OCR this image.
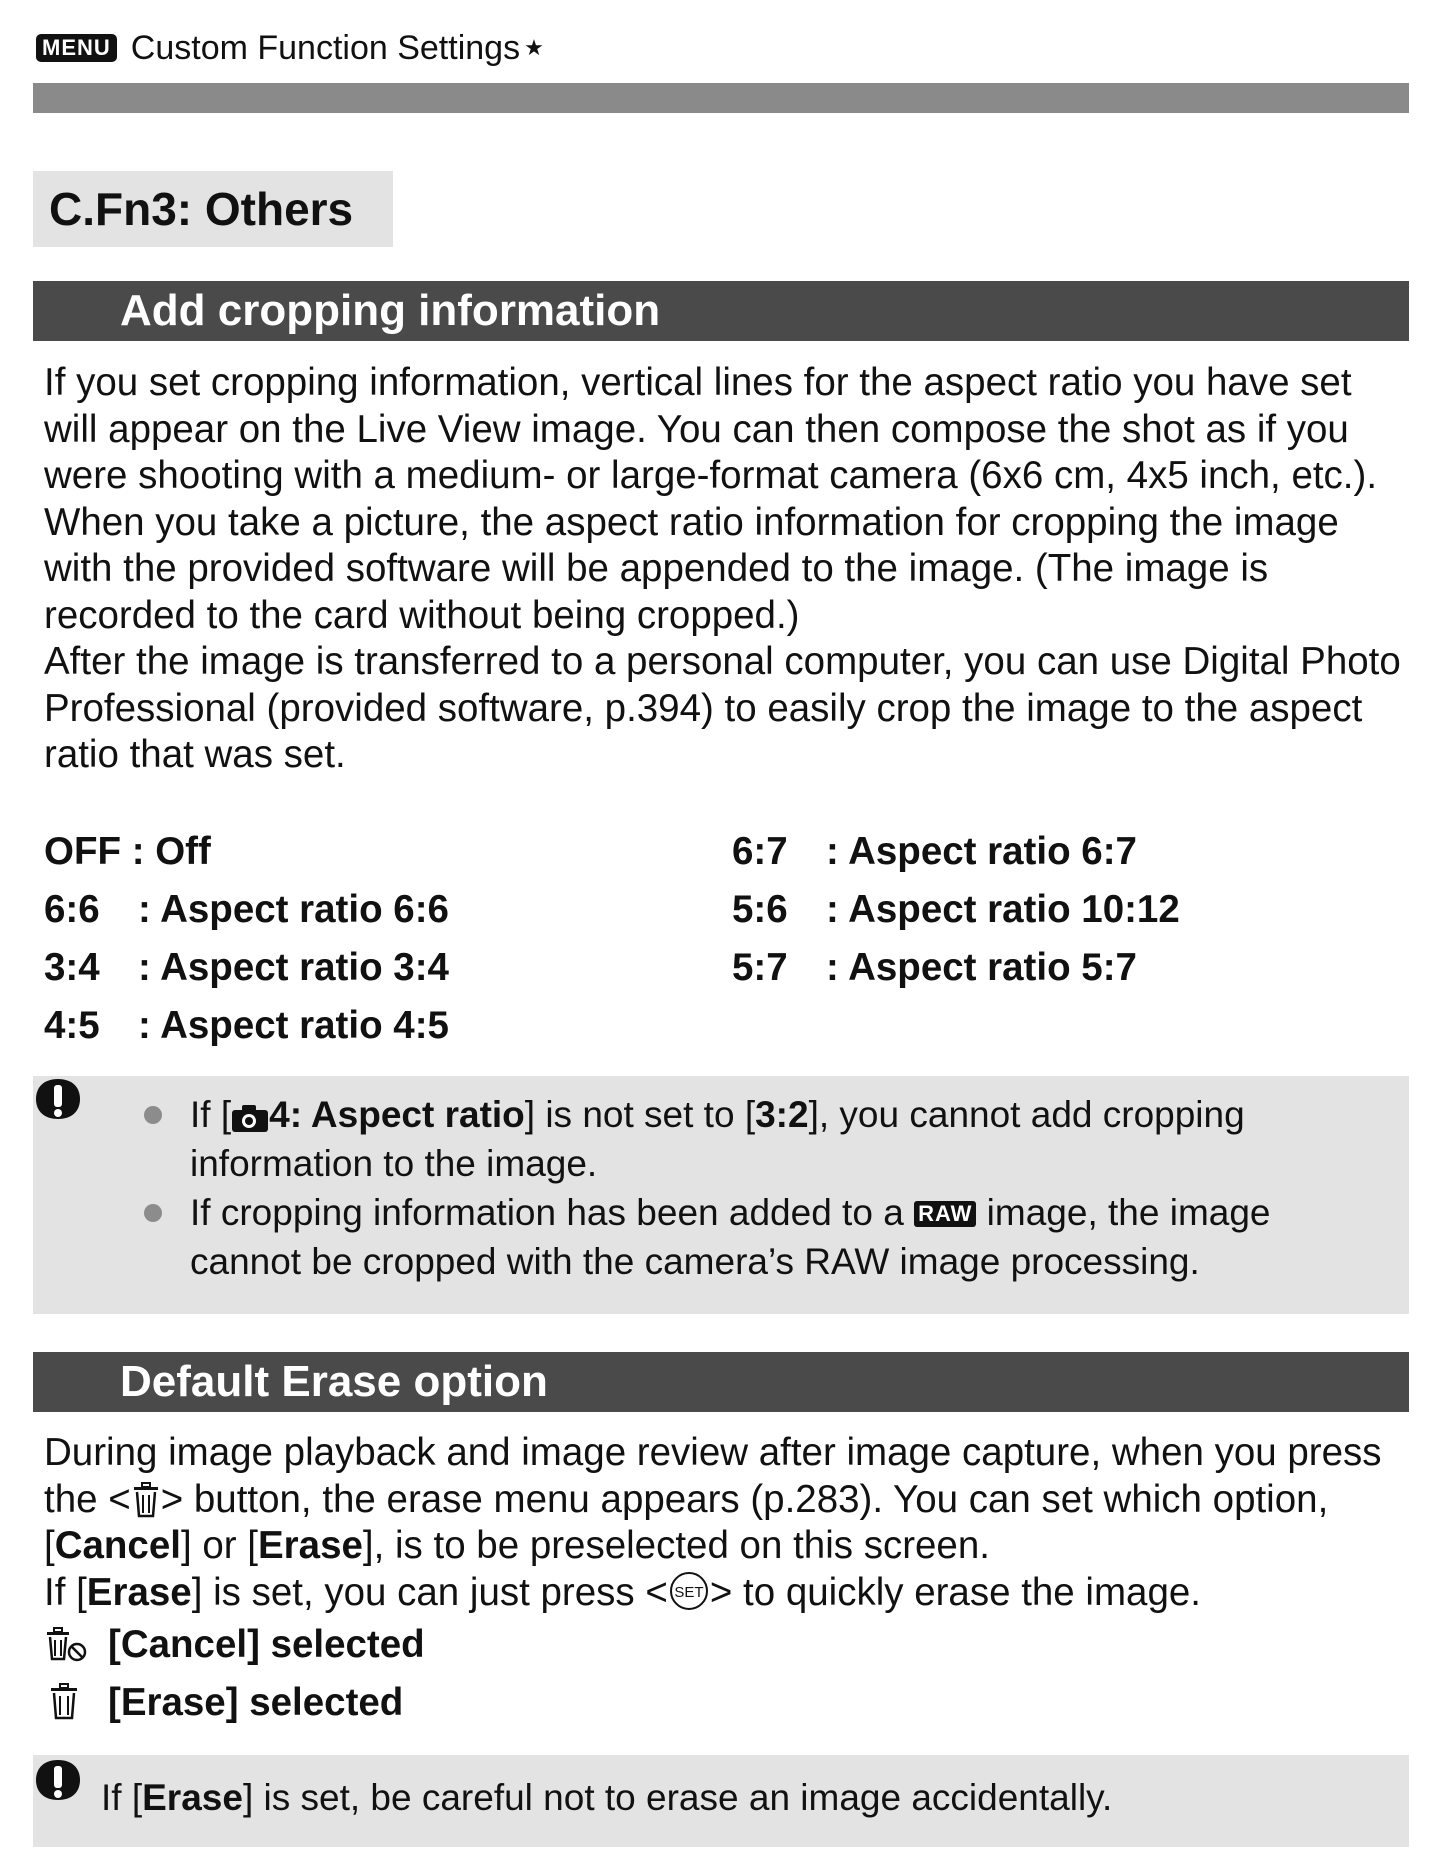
MENU Custom Function Settings ★
C.Fn3: Others
Add cropping information

If you set cropping information, vertical lines for the aspect ratio you have set will appear on the Live View image. You can then compose the shot as if you were shooting with a medium- or large-format camera (6x6 cm, 4x5 inch, etc.).

When you take a picture, the aspect ratio information for cropping the image with the provided software will be appended to the image. (The image is recorded to the card without being cropped.)

After the image is transferred to a personal computer, you can use Digital Photo Professional (provided software, p.394) to easily crop the image to the aspect ratio that was set.

OFF : Off
6:6 : Aspect ratio 6:6
3:4 : Aspect ratio 3:4
4:5 : Aspect ratio 4:5
6:7 : Aspect ratio 6:7
5:6 : Aspect ratio 10:12
5:7 : Aspect ratio 5:7
If [ 4: Aspect ratio] is not set to [3:2], you cannot add cropping information to the image.
If cropping information has been added to a RAW image, the image cannot be cropped with the camera’s RAW image processing.
Default Erase option

During image playback and image review after image capture, when you press the < > button, the erase menu appears (p.283). You can set which option, [Cancel] or [Erase], is to be preselected on this screen.

If [Erase] is set, you can just press < SET > to quickly erase the image.

[Cancel] selected
[Erase] selected
If [Erase] is set, be careful not to erase an image accidentally.
